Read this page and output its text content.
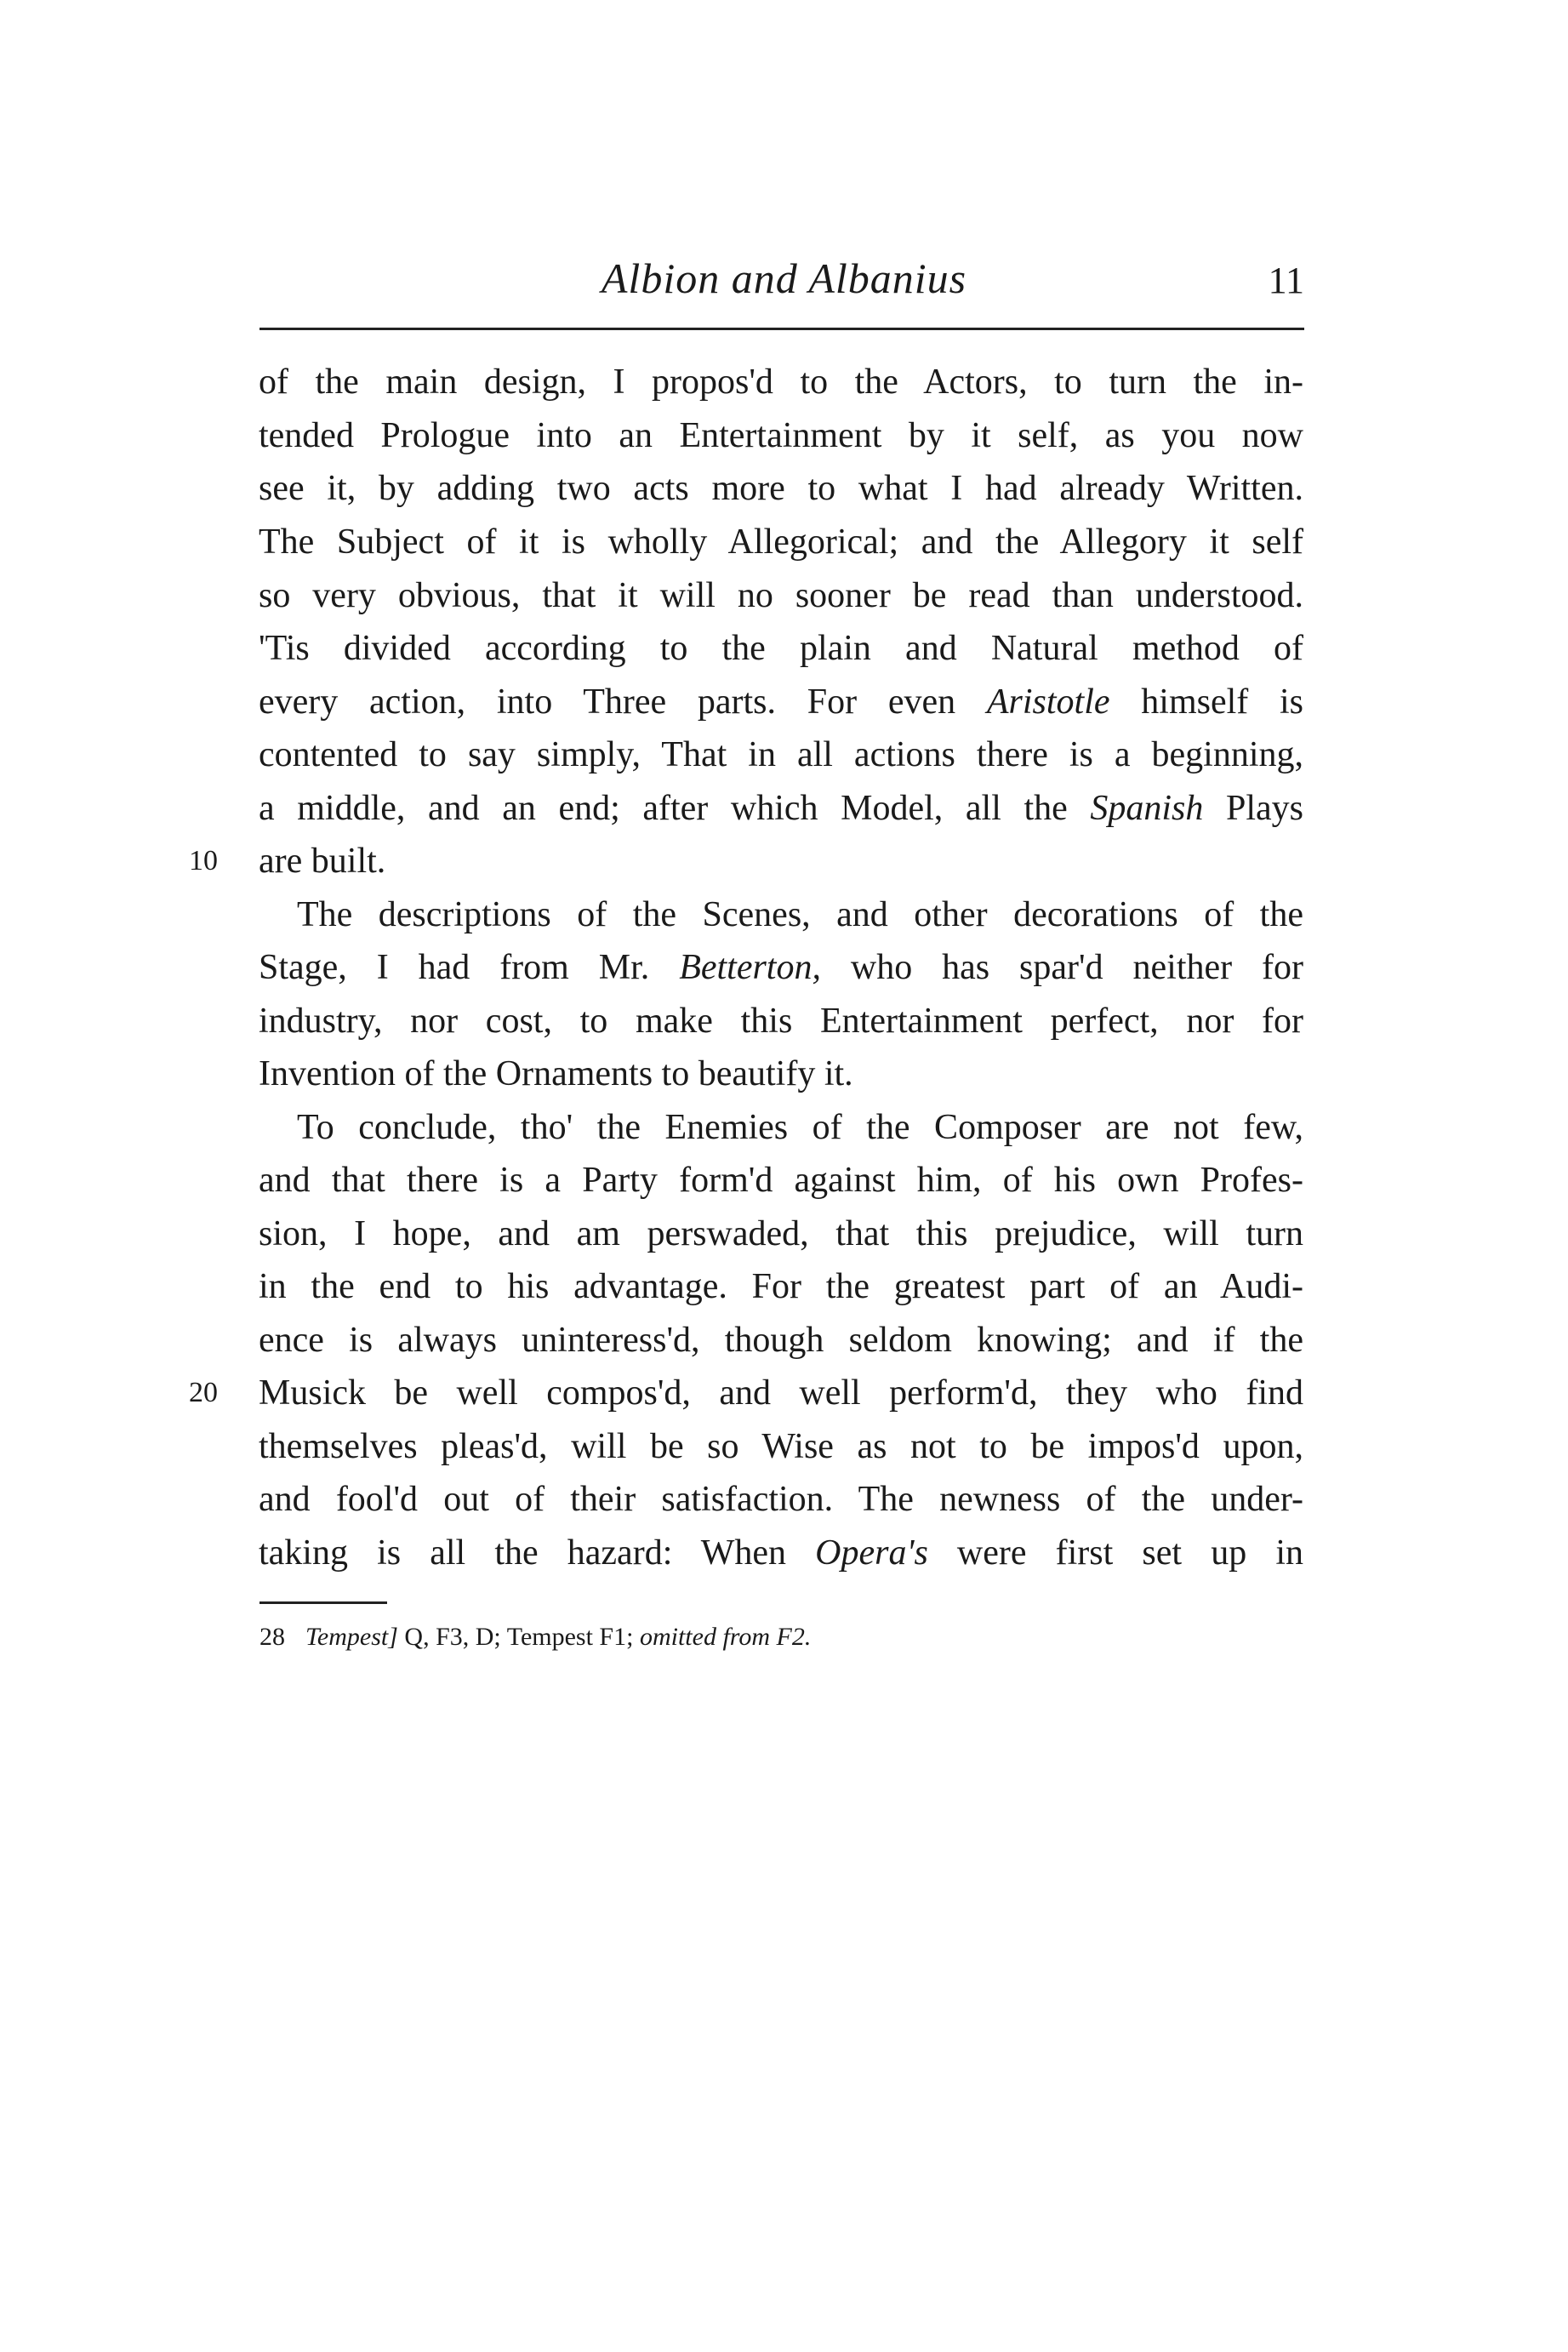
Albion and Albanius	11
of the main design, I propos'd to the Actors, to turn the in-
tended Prologue into an Entertainment by it self, as you now
see it, by adding two acts more to what I had already Written.
The Subject of it is wholly Allegorical; and the Allegory it self
so very obvious, that it will no sooner be read than understood.
'Tis divided according to the plain and Natural method of
every action, into Three parts. For even Aristotle himself is
contented to say simply, That in all actions there is a beginning,
a middle, and an end; after which Model, all the Spanish Plays
are built.
The descriptions of the Scenes, and other decorations of the
Stage, I had from Mr. Betterton, who has spar'd neither for
industry, nor cost, to make this Entertainment perfect, nor for
Invention of the Ornaments to beautify it.
To conclude, tho' the Enemies of the Composer are not few,
and that there is a Party form'd against him, of his own Profes-
sion, I hope, and am perswaded, that this prejudice, will turn
in the end to his advantage. For the greatest part of an Audi-
ence is always uninteress'd, though seldom knowing; and if the
Musick be well compos'd, and well perform'd, they who find
themselves pleas'd, will be so Wise as not to be impos'd upon,
and fool'd out of their satisfaction. The newness of the under-
taking is all the hazard: When Opera's were first set up in
10
20
28 Tempest] Q, F3, D; Tempest F1; omitted from F2.
